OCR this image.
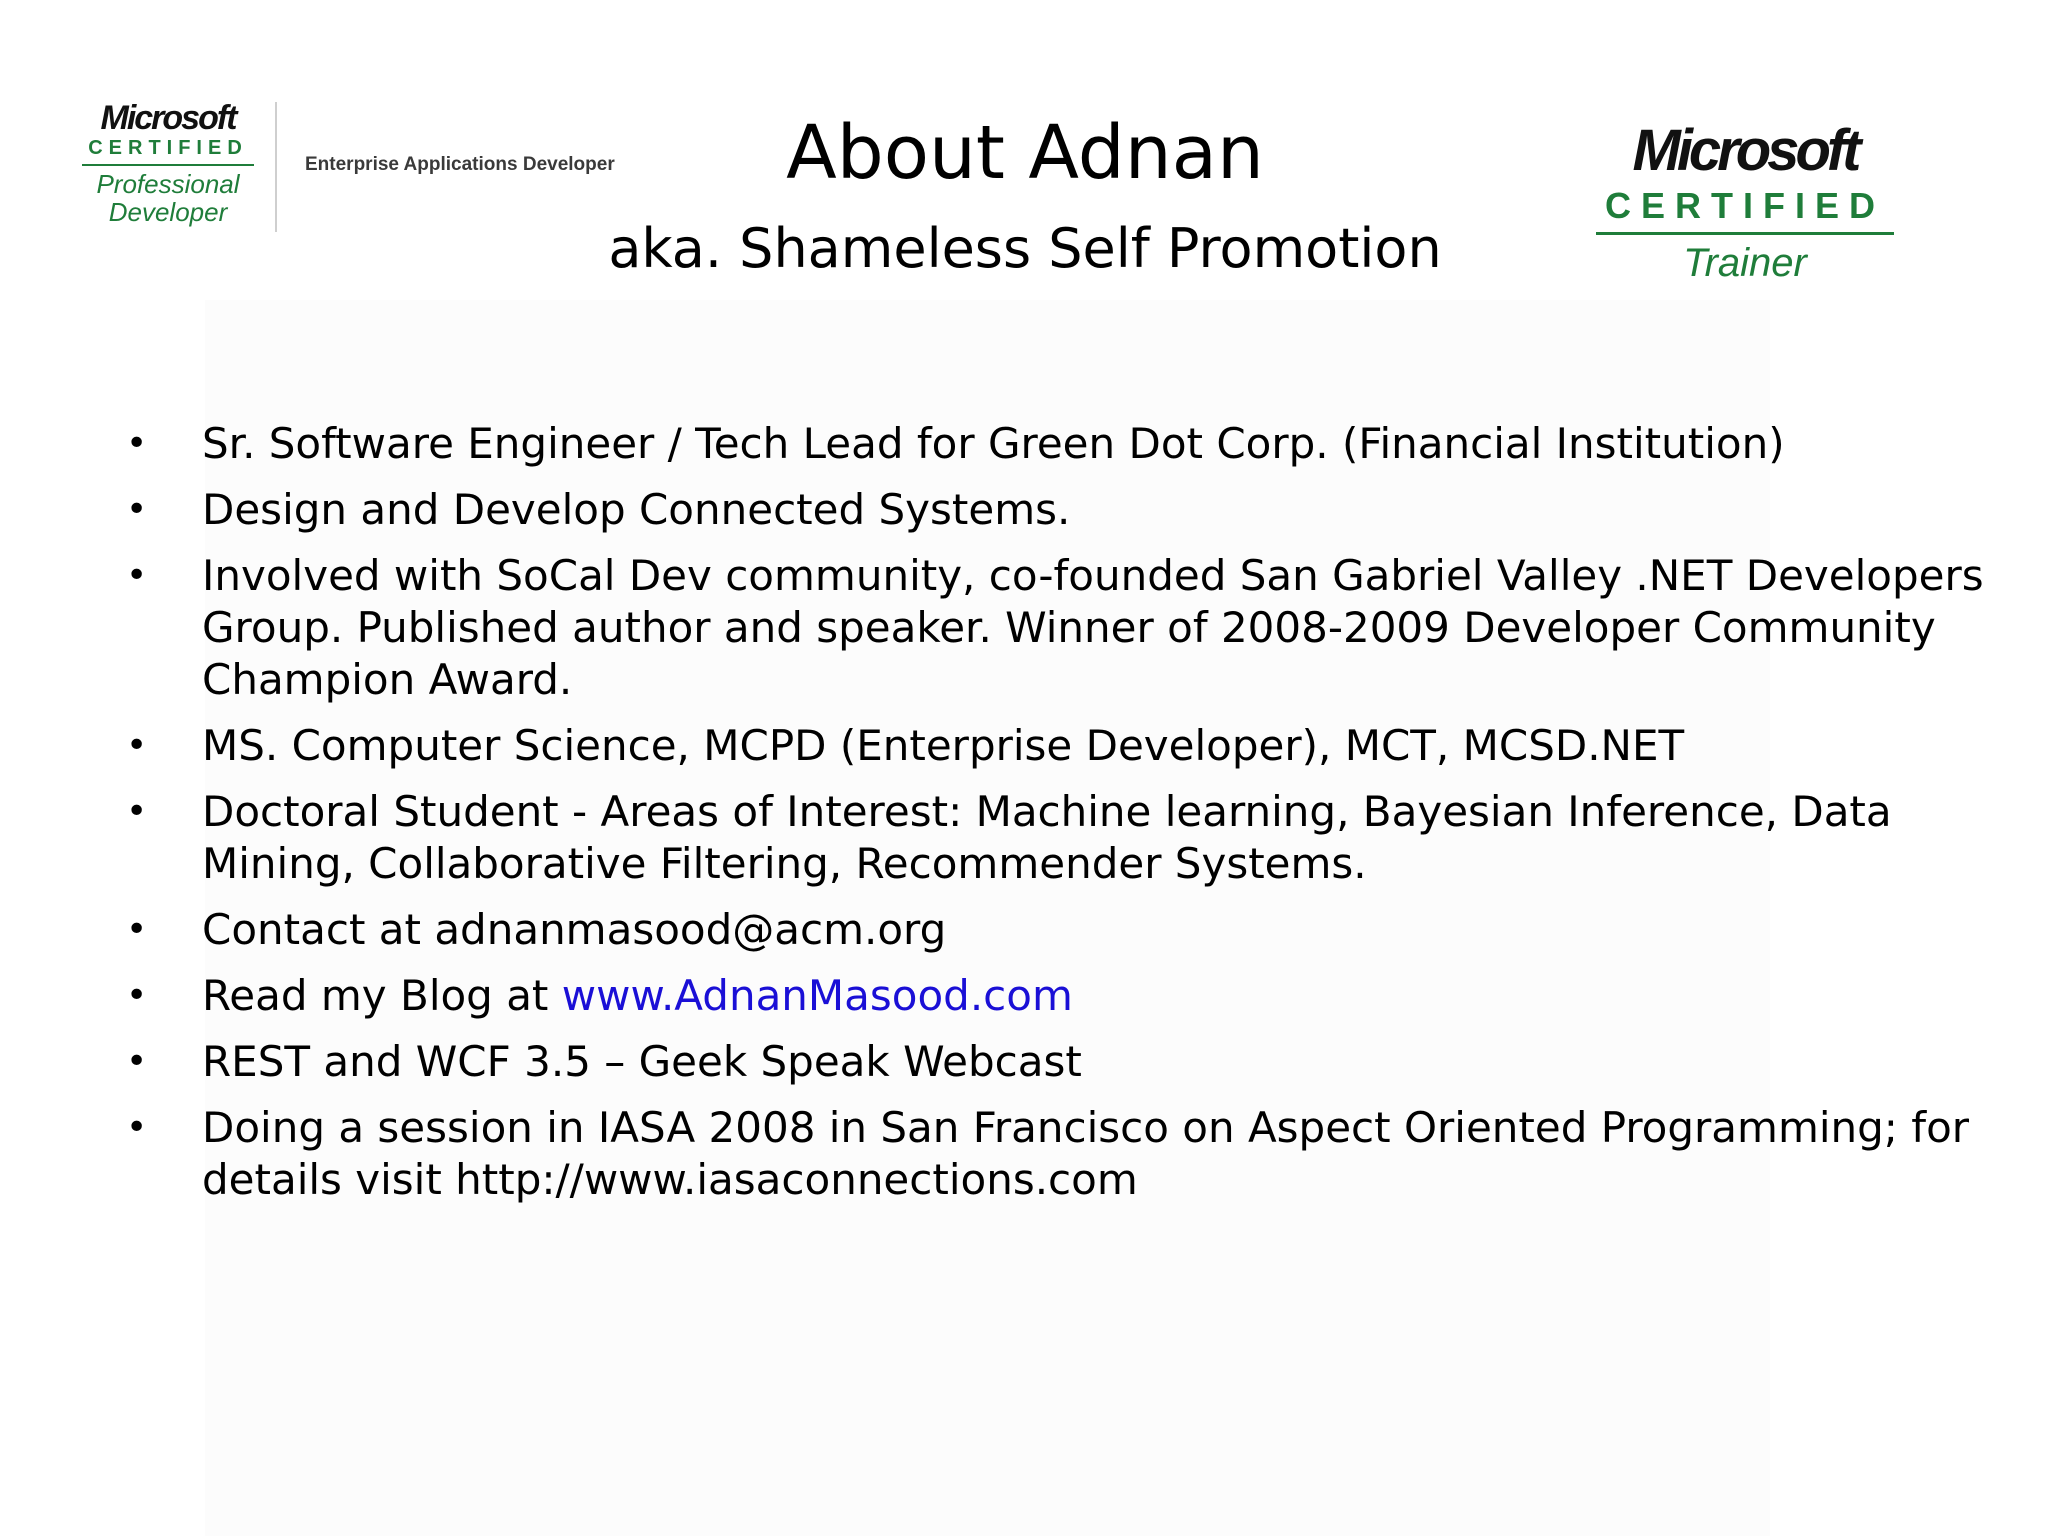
Microsoft
CERTIFIED
Professional
Developer
Enterprise Applications Developer	About Adnan
aka. Shameless Self Promotion
Microsoft
CERTIFIED
Trainer
• Sr. Software Engineer / Tech Lead for Green Dot Corp. (Financial Institution)
• Design and Develop Connected Systems.
• Involved with SoCal Dev community, co-founded San Gabriel Valley .NET Developers Group. Published author and speaker. Winner of 2008-2009 Developer Community Champion Award.
• MS. Computer Science, MCPD (Enterprise Developer), MCT, MCSD.NET
• Doctoral Student - Areas of Interest: Machine learning, Bayesian Inference, Data Mining, Collaborative Filtering, Recommender Systems.
• Contact at adnanmasood@acm.org
• Read my Blog at www.AdnanMasood.com
• REST and WCF 3.5 – Geek Speak Webcast
• Doing a session in IASA 2008 in San Francisco on Aspect Oriented Programming; for details visit http://www.iasaconnections.com
